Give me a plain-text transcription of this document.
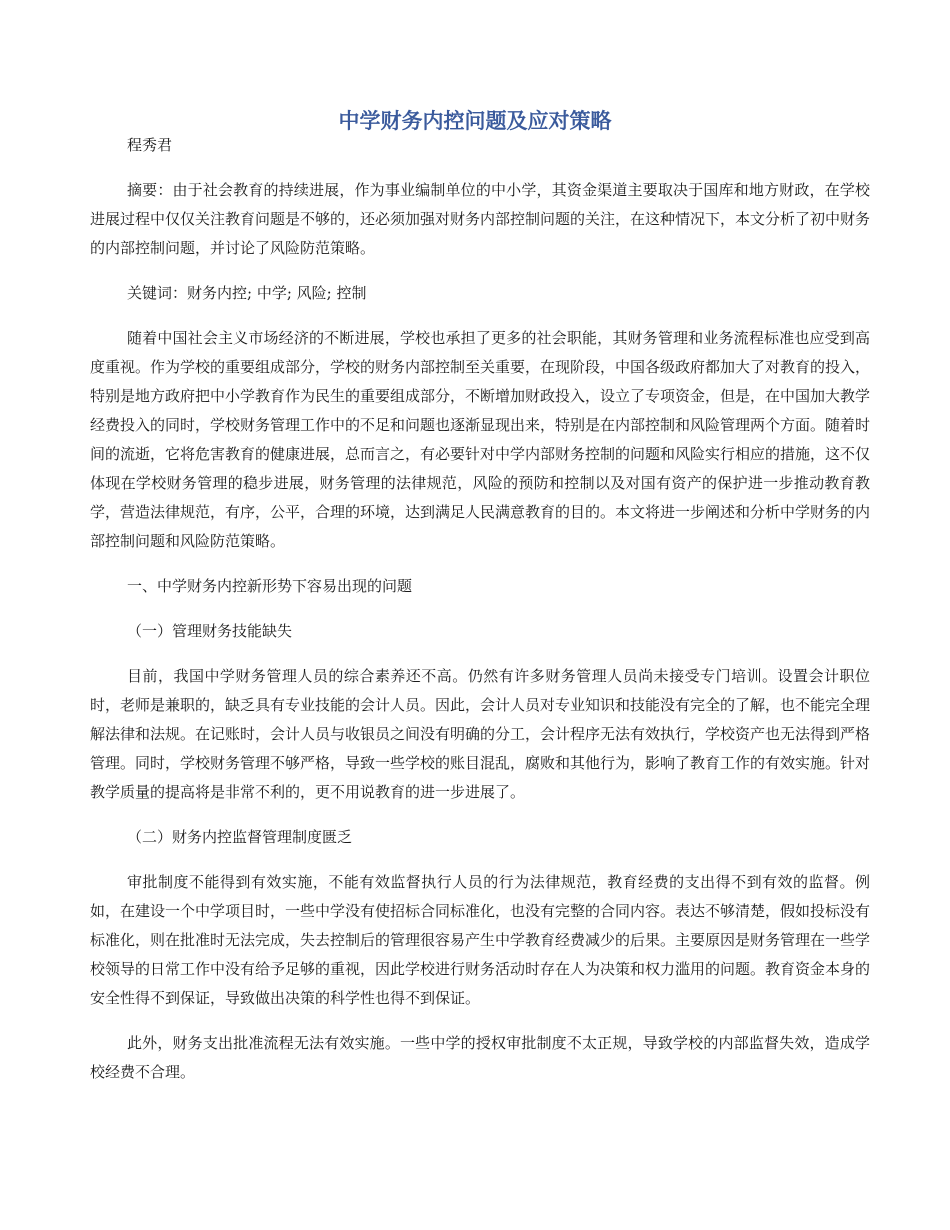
中学财务内控问题及应对策略

程秀君

摘要：由于社会教育的持续进展，作为事业编制单位的中小学，其资金渠道主要取决于国库和地方财政，在学校进展过程中仅仅关注教育问题是不够的，还必须加强对财务内部控制问题的关注，在这种情况下，本文分析了初中财务的内部控制问题，并讨论了风险防范策略。

关键词：财务内控; 中学; 风险; 控制

随着中国社会主义市场经济的不断进展，学校也承担了更多的社会职能，其财务管理和业务流程标准也应受到高度重视。作为学校的重要组成部分，学校的财务内部控制至关重要，在现阶段，中国各级政府都加大了对教育的投入，特别是地方政府把中小学教育作为民生的重要组成部分，不断增加财政投入，设立了专项资金，但是，在中国加大教学经费投入的同时，学校财务管理工作中的不足和问题也逐渐显现出来，特别是在内部控制和风险管理两个方面。随着时间的流逝，它将危害教育的健康进展，总而言之，有必要针对中学内部财务控制的问题和风险实行相应的措施，这不仅体现在学校财务管理的稳步进展，财务管理的法律规范，风险的预防和控制以及对国有资产的保护进一步推动教育教学，营造法律规范，有序，公平，合理的环境，达到满足人民满意教育的目的。本文将进一步阐述和分析中学财务的内部控制问题和风险防范策略。

一、中学财务内控新形势下容易出现的问题

（一）管理财务技能缺失

目前，我国中学财务管理人员的综合素养还不高。仍然有许多财务管理人员尚未接受专门培训。设置会计职位时，老师是兼职的，缺乏具有专业技能的会计人员。因此，会计人员对专业知识和技能没有完全的了解，也不能完全理解法律和法规。在记账时，会计人员与收银员之间没有明确的分工，会计程序无法有效执行，学校资产也无法得到严格管理。同时，学校财务管理不够严格，导致一些学校的账目混乱，腐败和其他行为，影响了教育工作的有效实施。针对教学质量的提高将是非常不利的，更不用说教育的进一步进展了。

（二）财务内控监督管理制度匮乏

审批制度不能得到有效实施，不能有效监督执行人员的行为法律规范，教育经费的支出得不到有效的监督。例如，在建设一个中学项目时，一些中学没有使招标合同标准化，也没有完整的合同内容。表达不够清楚，假如投标没有标准化，则在批准时无法完成，失去控制后的管理很容易产生中学教育经费减少的后果。主要原因是财务管理在一些学校领导的日常工作中没有给予足够的重视，因此学校进行财务活动时存在人为决策和权力滥用的问题。教育资金本身的安全性得不到保证，导致做出决策的科学性也得不到保证。

此外，财务支出批准流程无法有效实施。一些中学的授权审批制度不太正规，导致学校的内部监督失效，造成学校经费不合理。
